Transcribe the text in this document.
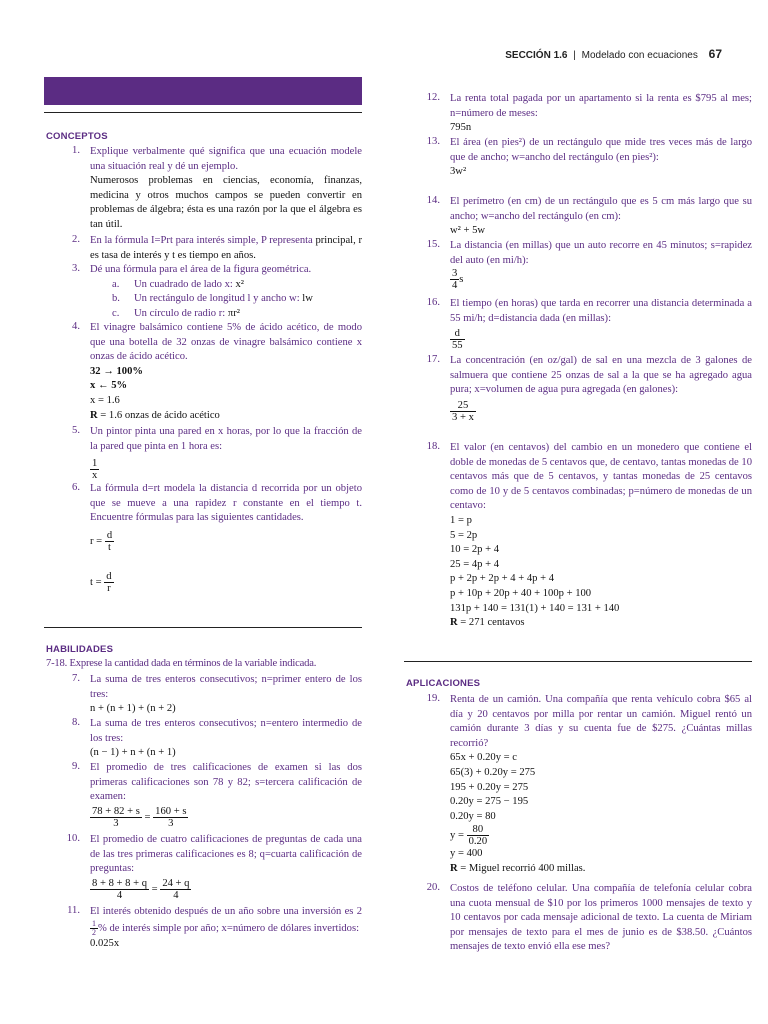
SECCIÓN 1.6 | Modelado con ecuaciones 67
CONCEPTOS
1. Explique verbalmente qué significa que una ecuación modele una situación real y dé un ejemplo.
Numerosos problemas en ciencias, economía, finanzas, medicina y otros muchos campos se pueden convertir en problemas de álgebra; ésta es una razón por la que el álgebra es tan útil.
2. En la fórmula I=Prt para interés simple, P representa principal, r es tasa de interés y t es tiempo en años.
3. Dé una fórmula para el área de la figura geométrica.
a. Un cuadrado de lado x: x²
b. Un rectángulo de longitud l y ancho w: lw
c. Un círculo de radio r: πr²
4. El vinagre balsámico contiene 5% de ácido acético, de modo que una botella de 32 onzas de vinagre balsámico contiene x onzas de ácido acético.
32 → 100%
x ← 5%
x = 1.6
R = 1.6 onzas de ácido acético
5. Un pintor pinta una pared en x horas, por lo que la fracción de la pared que pinta en 1 hora es:
$\frac{1}{x}$
6. La fórmula d=rt modela la distancia d recorrida por un objeto que se mueve a una rapidez r constante en el tiempo t. Encuentre fórmulas para las siguientes cantidades.
$r = \frac{d}{t}$
$t = \frac{d}{r}$
HABILIDADES
7-18. Exprese la cantidad dada en términos de la variable indicada.
7. La suma de tres enteros consecutivos; n=primer entero de los tres:
n + (n + 1) + (n + 2)
8. La suma de tres enteros consecutivos; n=entero intermedio de los tres:
(n − 1) + n + (n + 1)
9. El promedio de tres calificaciones de examen si las dos primeras calificaciones son 78 y 82; s=tercera calificación de examen:
$\frac{78 + 82 + s}{3} = \frac{160 + s}{3}$
10. El promedio de cuatro calificaciones de preguntas de cada una de las tres primeras calificaciones es 8; q=cuarta calificación de preguntas:
$\frac{8 + 8 + 8 + q}{4} = \frac{24 + q}{4}$
11. El interés obtenido después de un año sobre una inversión es 2
$\frac{1}{2}$ % de interés simple por año; x=número de dólares invertidos:
0.025x
12. La renta total pagada por un apartamento si la renta es $795 al mes; n=número de meses:
795n
13. El área (en pies²) de un rectángulo que mide tres veces más de largo que de ancho; w=ancho del rectángulo (en pies²):
3w²
14. El perímetro (en cm) de un rectángulo que es 5 cm más largo que su ancho; w=ancho del rectángulo (en cm):
w² + 5w
15. La distancia (en millas) que un auto recorre en 45 minutos; s=rapidez del auto (en mi/h):
$\frac{3}{4}$ s
16. El tiempo (en horas) que tarda en recorrer una distancia determinada a 55 mi/h; d=distancia dada (en millas):
$\frac{d}{55}$
17. La concentración (en oz/gal) de sal en una mezcla de 3 galones de salmuera que contiene 25 onzas de sal a la que se ha agregado agua pura; x=volumen de agua pura agregada (en galones):
$\frac{25}{3 + x}$
18. El valor (en centavos) del cambio en un monedero que contiene el doble de monedas de 5 centavos que, de centavo, tantas monedas de 10 centavos más que de 5 centavos, y tantas monedas de 25 centavos como de 10 y de 5 centavos combinadas; p=número de monedas de un centavo:
1 = p
5 = 2p
10 = 2p + 4
25 = 4p + 4
p + 2p + 2p + 4 + 4p + 4
p + 10p + 20p + 40 + 100p + 100
131p + 140 = 131(1) + 140 = 131 + 140
R = 271 centavos
APLICACIONES
19. Renta de un camión. Una compañía que renta vehículo cobra $65 al día y 20 centavos por milla por rentar un camión. Miguel rentó un camión durante 3 días y su cuenta fue de $275. ¿Cuántas millas recorrió?
65x + 0.20y = c
65(3) + 0.20y = 275
195 + 0.20y = 275
0.20y = 275 − 195
0.20y = 80
$y = \frac{80}{0.20}$
y = 400
R = Miguel recorrió 400 millas.
20. Costos de teléfono celular. Una compañía de telefonía celular cobra una cuota mensual de $10 por los primeros 1000 mensajes de texto y 10 centavos por cada mensaje adicional de texto. La cuenta de Miriam por mensajes de texto para el mes de junio es de $38.50. ¿Cuántos mensajes de texto envió ella ese mes?
